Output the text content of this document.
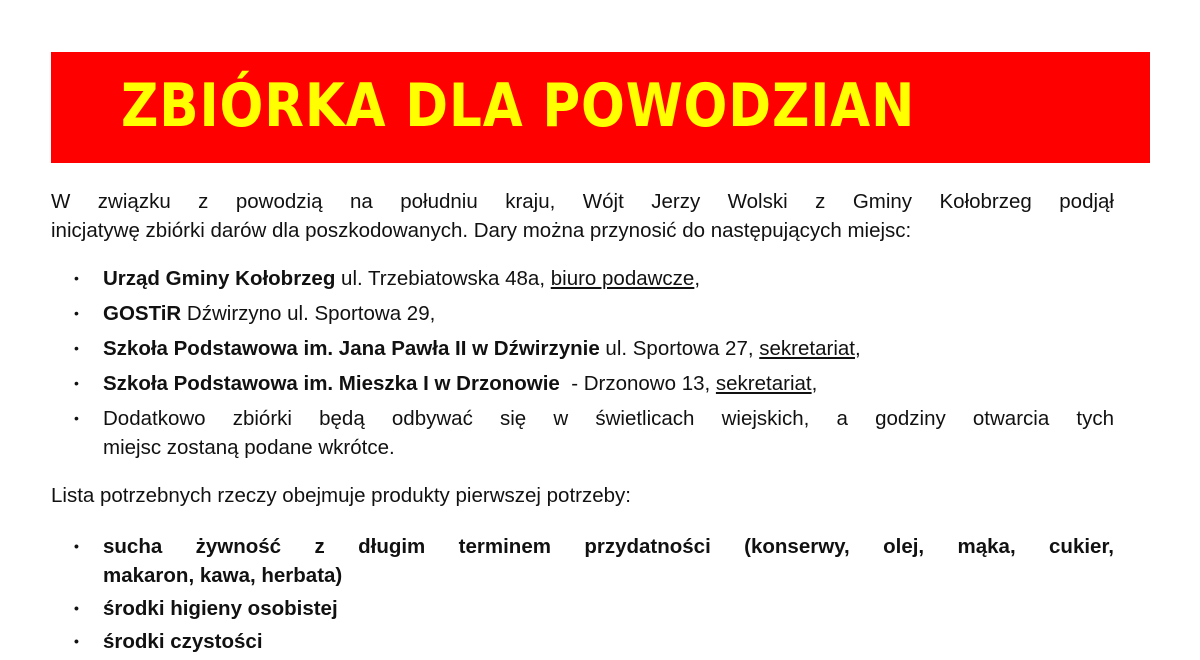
ZBIÓRKA DLA POWODZIAN

W związku z powodzią na południu kraju, Wójt Jerzy Wolski z Gminy Kołobrzeg podjął
inicjatywę zbiórki darów dla poszkodowanych. Dary można przynosić do następujących miejsc:

• Urząd Gminy Kołobrzeg ul. Trzebiatowska 48a, biuro podawcze,
• GOSTiR Dźwirzyno ul. Sportowa 29,
• Szkoła Podstawowa im. Jana Pawła II w Dźwirzynie ul. Sportowa 27, sekretariat,
• Szkoła Podstawowa im. Mieszka I w Drzonowie  - Drzonowo 13, sekretariat,
• Dodatkowo zbiórki będą odbywać się w świetlicach wiejskich, a godziny otwarcia tych
miejsc zostaną podane wkrótce.

Lista potrzebnych rzeczy obejmuje produkty pierwszej potrzeby:

• sucha żywność z długim terminem przydatności (konserwy, olej, mąka, cukier,
makaron, kawa, herbata)
• środki higieny osobistej
• środki czystości
